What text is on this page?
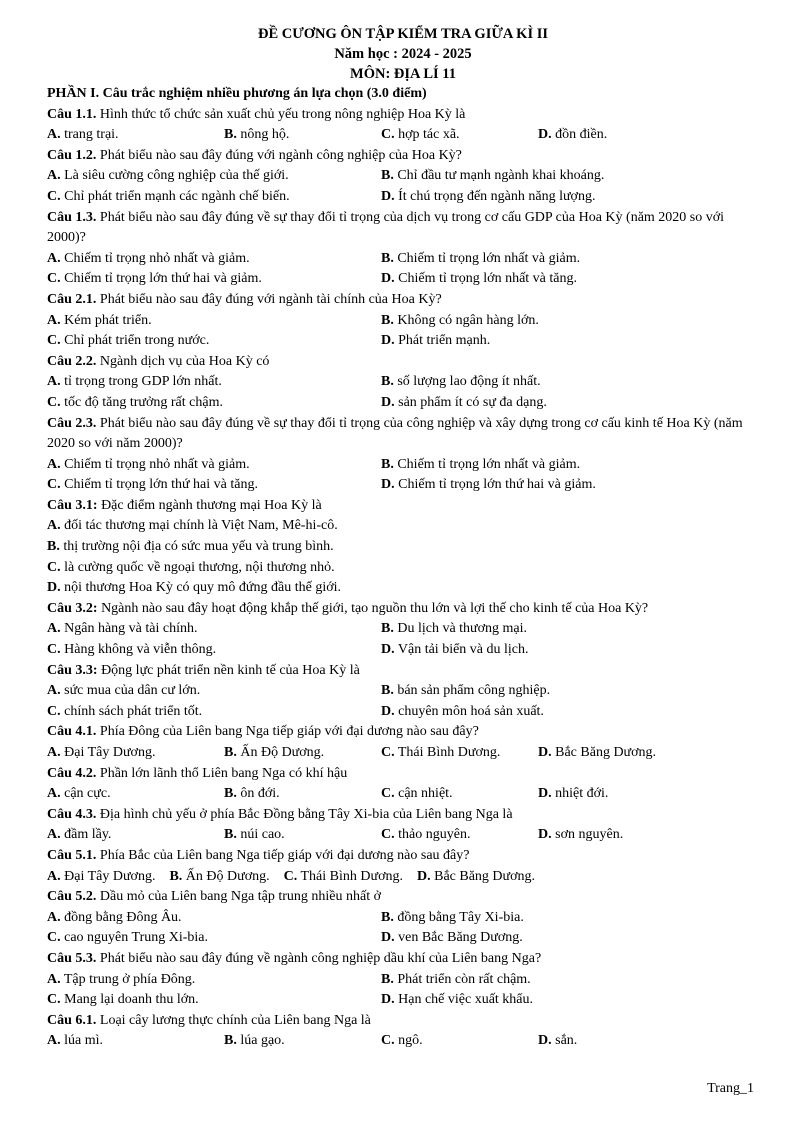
ĐỀ CƯƠNG ÔN TẬP KIỂM TRA GIỮA KÌ II
Năm học : 2024 - 2025
MÔN: ĐỊA LÍ 11
PHẦN I. Câu trắc nghiệm nhiều phương án lựa chọn (3.0 điểm)
Câu 1.1. Hình thức tổ chức sản xuất chủ yếu trong nông nghiệp Hoa Kỳ là
A. trang trại.	B. nông hộ.	C. hợp tác xã.	D. đồn điền.
Câu 1.2. Phát biểu nào sau đây đúng với ngành công nghiệp của Hoa Kỳ?
A. Là siêu cường công nghiệp của thế giới.	B. Chỉ đầu tư mạnh ngành khai khoáng.
C. Chỉ phát triển mạnh các ngành chế biến.	D. Ít chú trọng đến ngành năng lượng.
Câu 1.3. Phát biểu nào sau đây đúng về sự thay đổi tỉ trọng của dịch vụ trong cơ cấu GDP của Hoa Kỳ (năm 2020 so với 2000)?
A. Chiếm tỉ trọng nhỏ nhất và giảm.	B. Chiếm tỉ trọng lớn nhất và giảm.
C. Chiếm tỉ trọng lớn thứ hai và giảm.	D. Chiếm tỉ trọng lớn nhất và tăng.
Câu 2.1. Phát biểu nào sau đây đúng với ngành tài chính của Hoa Kỳ?
A. Kém phát triển.	B. Không có ngân hàng lớn.
C. Chỉ phát triển trong nước.	D. Phát triển mạnh.
Câu 2.2. Ngành dịch vụ của Hoa Kỳ có
A. tỉ trọng trong GDP lớn nhất.	B. số lượng lao động ít nhất.
C. tốc độ tăng trưởng rất chậm.	D. sản phẩm ít có sự đa dạng.
Câu 2.3. Phát biểu nào sau đây đúng về sự thay đổi tỉ trọng của công nghiệp và xây dựng trong cơ cấu kinh tế Hoa Kỳ (năm 2020 so với năm 2000)?
A. Chiếm tỉ trọng nhỏ nhất và giảm.	B. Chiếm tỉ trọng lớn nhất và giảm.
C. Chiếm tỉ trọng lớn thứ hai và tăng.	D. Chiếm tỉ trọng lớn thứ hai và giảm.
Câu 3.1: Đặc điểm ngành thương mại Hoa Kỳ là
A. đối tác thương mại chính là Việt Nam, Mê-hi-cô.
B. thị trường nội địa có sức mua yếu và trung bình.
C. là cường quốc về ngoại thương, nội thương nhỏ.
D. nội thương Hoa Kỳ có quy mô đứng đầu thế giới.
Câu 3.2: Ngành nào sau đây hoạt động khắp thế giới, tạo nguồn thu lớn và lợi thế cho kinh tế của Hoa Kỳ?
A. Ngân hàng và tài chính.	B. Du lịch và thương mại.
C. Hàng không và viễn thông.	D. Vận tải biển và du lịch.
Câu 3.3: Động lực phát triển nền kinh tế của Hoa Kỳ là
A. sức mua của dân cư lớn.	B. bán sản phẩm công nghiệp.
C. chính sách phát triển tốt.	D. chuyên môn hoá sản xuất.
Câu 4.1. Phía Đông của Liên bang Nga tiếp giáp với đại dương nào sau đây?
A. Đại Tây Dương.	B. Ấn Độ Dương.	C. Thái Bình Dương.	D. Bắc Băng Dương.
Câu 4.2. Phần lớn lãnh thổ Liên bang Nga có khí hậu
A. cận cực.	B. ôn đới.	C. cận nhiệt.	D. nhiệt đới.
Câu 4.3. Địa hình chủ yếu ở phía Bắc Đồng bằng Tây Xi-bia của Liên bang Nga là
A. đầm lầy.	B. núi cao.	C. thảo nguyên.	D. sơn nguyên.
Câu 5.1. Phía Bắc của Liên bang Nga tiếp giáp với đại dương nào sau đây?
A. Đại Tây Dương. B. Ấn Độ Dương. C. Thái Bình Dương. D. Bắc Băng Dương.
Câu 5.2. Dầu mỏ của Liên bang Nga tập trung nhiều nhất ở
A. đồng bằng Đông Âu.	B. đồng bằng Tây Xi-bia.
C. cao nguyên Trung Xi-bia.	D. ven Bắc Băng Dương.
Câu 5.3. Phát biểu nào sau đây đúng về ngành công nghiệp dầu khí của Liên bang Nga?
A. Tập trung ở phía Đông.	B. Phát triển còn rất chậm.
C. Mang lại doanh thu lớn.	D. Hạn chế việc xuất khẩu.
Câu 6.1. Loại cây lương thực chính của Liên bang Nga là
A. lúa mì.	B. lúa gạo.	C. ngô.	D. sắn.
Trang_1
